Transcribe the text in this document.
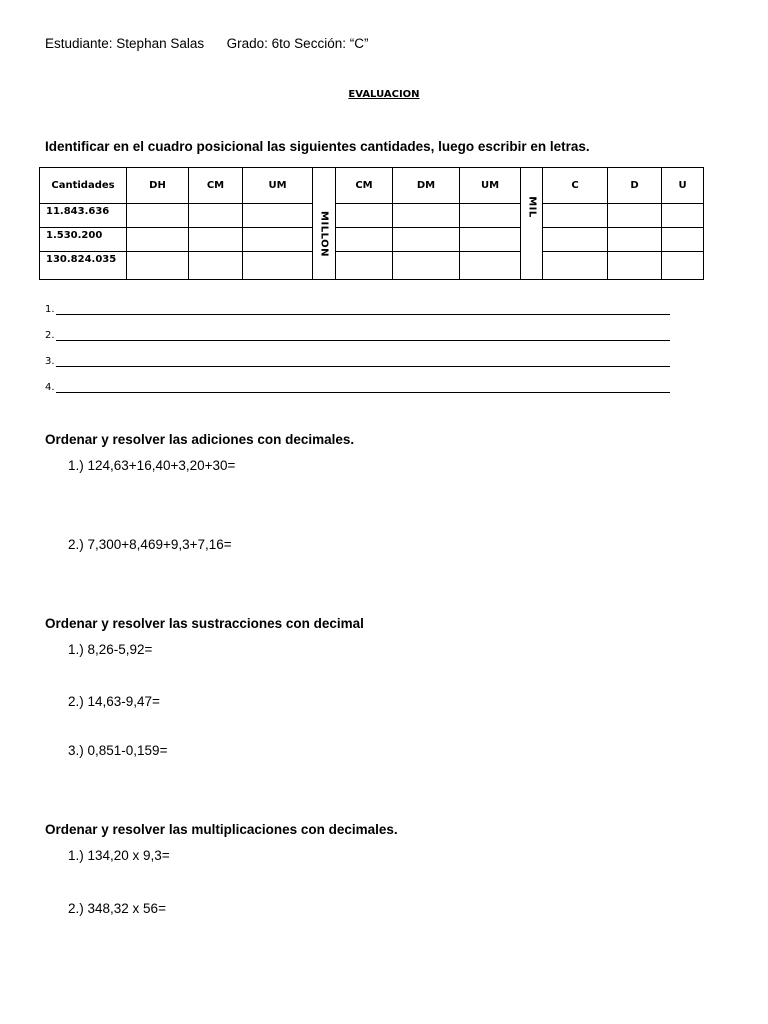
Estudiante: Stephan Salas Grado: 6to Sección: “C”
EVALUACION
Identificar en el cuadro posicional las siguientes cantidades, luego escribir en letras.
Cantidades	DH	CM	UM	MILLON	CM	DM	UM	MIL	C	D	U
11.843.636											
1.530.200											
130.824.035											
1.
2.
3.
4.
Ordenar y resolver las adiciones con decimales.
1.) 124,63+16,40+3,20+30=
2.) 7,300+8,469+9,3+7,16=
Ordenar y resolver las sustracciones con decimal
1.) 8,26-5,92=
2.) 14,63-9,47=
3.) 0,851-0,159=
Ordenar y resolver las multiplicaciones con decimales.
1.) 134,20 x 9,3=
2.) 348,32 x 56=
